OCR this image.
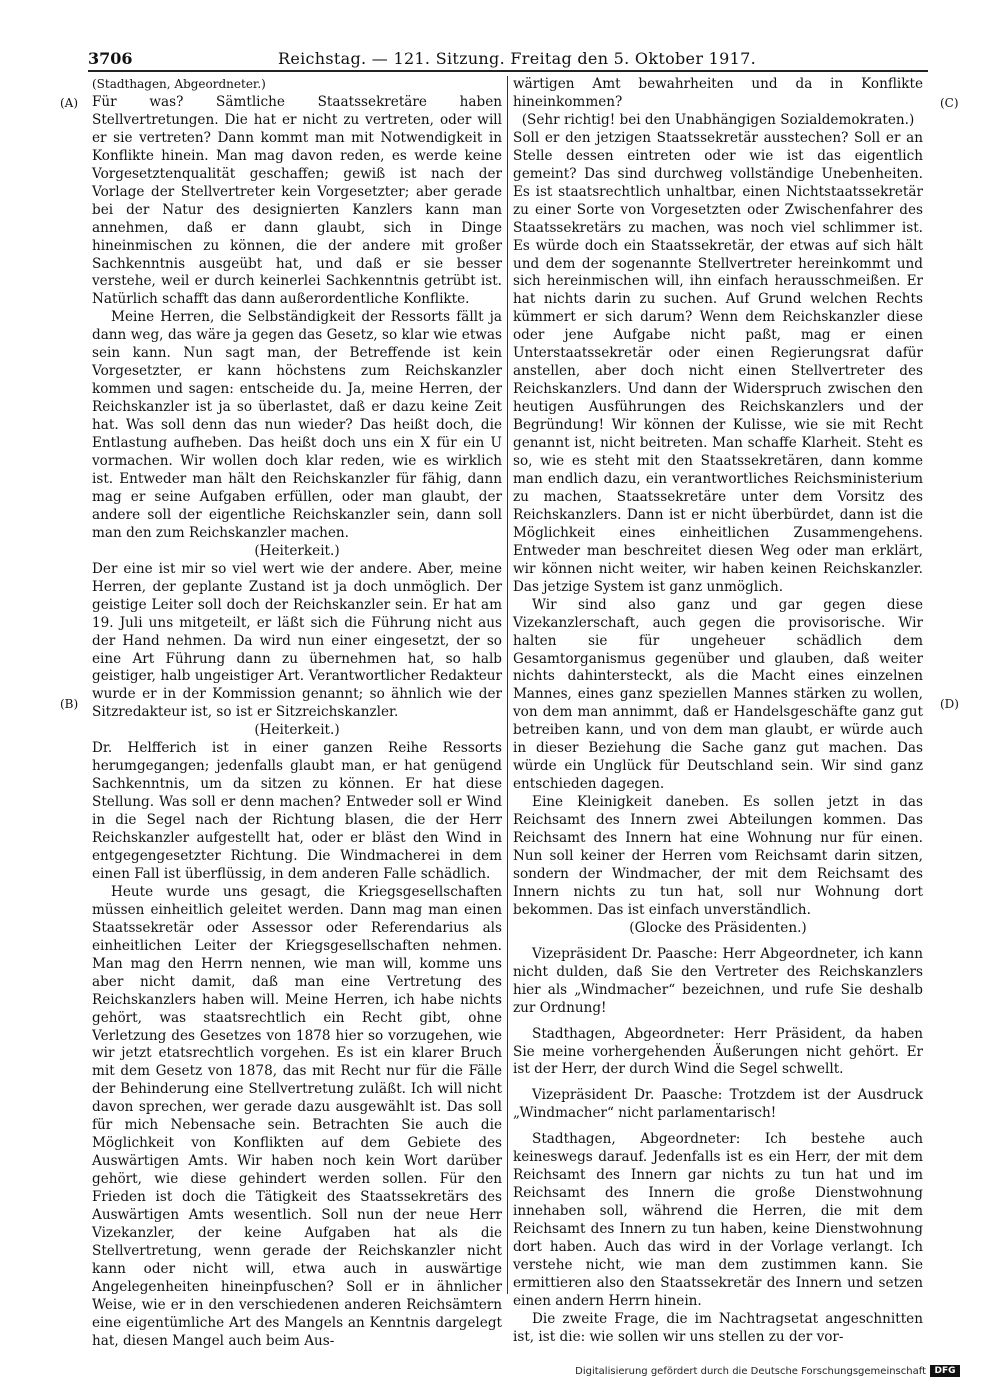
3706	Reichstag. — 121. Sitzung. Freitag den 5. Oktober 1917.
(A)
(B)
(C)
(D)

(Stadthagen, Abgeordneter.)

Für was? Sämtliche Staatssekretäre haben Stellvertretungen. Die hat er nicht zu vertreten, oder will er sie vertreten? Dann kommt man mit Notwendigkeit in Konflikte hinein. Man mag davon reden, es werde keine Vorgesetztenqualität geschaffen; gewiß ist nach der Vorlage der Stellvertreter kein Vorgesetzter; aber gerade bei der Natur des designierten Kanzlers kann man annehmen, daß er dann glaubt, sich in Dinge hineinmischen zu können, die der andere mit großer Sachkenntnis ausgeübt hat, und daß er sie besser verstehe, weil er durch keinerlei Sachkenntnis getrübt ist. Natürlich schafft das dann außerordentliche Konflikte.

Meine Herren, die Selbständigkeit der Ressorts fällt ja dann weg, das wäre ja gegen das Gesetz, so klar wie etwas sein kann. Nun sagt man, der Betreffende ist kein Vorgesetzter, er kann höchstens zum Reichskanzler kommen und sagen: entscheide du. Ja, meine Herren, der Reichskanzler ist ja so überlastet, daß er dazu keine Zeit hat. Was soll denn das nun wieder? Das heißt doch, die Entlastung aufheben. Das heißt doch uns ein X für ein U vormachen. Wir wollen doch klar reden, wie es wirklich ist. Entweder man hält den Reichskanzler für fähig, dann mag er seine Aufgaben erfüllen, oder man glaubt, der andere soll der eigentliche Reichskanzler sein, dann soll man den zum Reichskanzler machen.

(Heiterkeit.)

Der eine ist mir so viel wert wie der andere. Aber, meine Herren, der geplante Zustand ist ja doch unmöglich. Der geistige Leiter soll doch der Reichskanzler sein. Er hat am 19. Juli uns mitgeteilt, er läßt sich die Führung nicht aus der Hand nehmen. Da wird nun einer eingesetzt, der so eine Art Führung dann zu übernehmen hat, so halb geistiger, halb ungeistiger Art. Verantwortlicher Redakteur wurde er in der Kommission genannt; so ähnlich wie der Sitzredakteur ist, so ist er Sitzreichskanzler.

(Heiterkeit.)

Dr. Helfferich ist in einer ganzen Reihe Ressorts herumgegangen; jedenfalls glaubt man, er hat genügend Sachkenntnis, um da sitzen zu können. Er hat diese Stellung. Was soll er denn machen? Entweder soll er Wind in die Segel nach der Richtung blasen, die der Herr Reichskanzler aufgestellt hat, oder er bläst den Wind in entgegengesetzter Richtung. Die Windmacherei in dem einen Fall ist überflüssig, in dem anderen Falle schädlich.

Heute wurde uns gesagt, die Kriegsgesellschaften müssen einheitlich geleitet werden. Dann mag man einen Staatssekretär oder Assessor oder Referendarius als einheitlichen Leiter der Kriegsgesellschaften nehmen. Man mag den Herrn nennen, wie man will, komme uns aber nicht damit, daß man eine Vertretung des Reichskanzlers haben will. Meine Herren, ich habe nichts gehört, was staatsrechtlich ein Recht gibt, ohne Verletzung des Gesetzes von 1878 hier so vorzugehen, wie wir jetzt etatsrechtlich vorgehen. Es ist ein klarer Bruch mit dem Gesetz von 1878, das mit Recht nur für die Fälle der Behinderung eine Stellvertretung zuläßt. Ich will nicht davon sprechen, wer gerade dazu ausgewählt ist. Das soll für mich Nebensache sein. Betrachten Sie auch die Möglichkeit von Konflikten auf dem Gebiete des Auswärtigen Amts. Wir haben noch kein Wort darüber gehört, wie diese gehindert werden sollen. Für den Frieden ist doch die Tätigkeit des Staatssekretärs des Auswärtigen Amts wesentlich. Soll nun der neue Herr Vizekanzler, der keine Aufgaben hat als die Stellvertretung, wenn gerade der Reichskanzler nicht kann oder nicht will, etwa auch in auswärtige Angelegenheiten hineinpfuschen? Soll er in ähnlicher Weise, wie er in den verschiedenen anderen Reichsämtern eine eigentümliche Art des Mangels an Kenntnis dargelegt hat, diesen Mangel auch beim Aus-

wärtigen Amt bewahrheiten und da in Konflikte hineinkommen?

(Sehr richtig! bei den Unabhängigen Sozialdemokraten.)

Soll er den jetzigen Staatssekretär ausstechen? Soll er an Stelle dessen eintreten oder wie ist das eigentlich gemeint? Das sind durchweg vollständige Unebenheiten. Es ist staatsrechtlich unhaltbar, einen Nichtstaatssekretär zu einer Sorte von Vorgesetzten oder Zwischenfahrer des Staatssekretärs zu machen, was noch viel schlimmer ist. Es würde doch ein Staatssekretär, der etwas auf sich hält und dem der sogenannte Stellvertreter hereinkommt und sich hereinmischen will, ihn einfach herausschmeißen. Er hat nichts darin zu suchen. Auf Grund welchen Rechts kümmert er sich darum? Wenn dem Reichskanzler diese oder jene Aufgabe nicht paßt, mag er einen Unterstaatssekretär oder einen Regierungsrat dafür anstellen, aber doch nicht einen Stellvertreter des Reichskanzlers. Und dann der Widerspruch zwischen den heutigen Ausführungen des Reichskanzlers und der Begründung! Wir können der Kulisse, wie sie mit Recht genannt ist, nicht beitreten. Man schaffe Klarheit. Steht es so, wie es steht mit den Staatssekretären, dann komme man endlich dazu, ein verantwortliches Reichsministerium zu machen, Staatssekretäre unter dem Vorsitz des Reichskanzlers. Dann ist er nicht überbürdet, dann ist die Möglichkeit eines einheitlichen Zusammengehens. Entweder man beschreitet diesen Weg oder man erklärt, wir können nicht weiter, wir haben keinen Reichskanzler. Das jetzige System ist ganz unmöglich.

Wir sind also ganz und gar gegen diese Vizekanzlerschaft, auch gegen die provisorische. Wir halten sie für ungeheuer schädlich dem Gesamtorganismus gegenüber und glauben, daß weiter nichts dahintersteckt, als die Macht eines einzelnen Mannes, eines ganz speziellen Mannes stärken zu wollen, von dem man annimmt, daß er Handelsgeschäfte ganz gut betreiben kann, und von dem man glaubt, er würde auch in dieser Beziehung die Sache ganz gut machen. Das würde ein Unglück für Deutschland sein. Wir sind ganz entschieden dagegen.

Eine Kleinigkeit daneben. Es sollen jetzt in das Reichsamt des Innern zwei Abteilungen kommen. Das Reichsamt des Innern hat eine Wohnung nur für einen. Nun soll keiner der Herren vom Reichsamt darin sitzen, sondern der Windmacher, der mit dem Reichsamt des Innern nichts zu tun hat, soll nur Wohnung dort bekommen. Das ist einfach unverständlich.

(Glocke des Präsidenten.)

Vizepräsident Dr. Paasche: Herr Abgeordneter, ich kann nicht dulden, daß Sie den Vertreter des Reichskanzlers hier als „Windmacher“ bezeichnen, und rufe Sie deshalb zur Ordnung!

Stadthagen, Abgeordneter: Herr Präsident, da haben Sie meine vorhergehenden Äußerungen nicht gehört. Er ist der Herr, der durch Wind die Segel schwellt.

Vizepräsident Dr. Paasche: Trotzdem ist der Ausdruck „Windmacher“ nicht parlamentarisch!

Stadthagen, Abgeordneter: Ich bestehe auch keineswegs darauf. Jedenfalls ist es ein Herr, der mit dem Reichsamt des Innern gar nichts zu tun hat und im Reichsamt des Innern die große Dienstwohnung innehaben soll, während die Herren, die mit dem Reichsamt des Innern zu tun haben, keine Dienstwohnung dort haben. Auch das wird in der Vorlage verlangt. Ich verstehe nicht, wie man dem zustimmen kann. Sie ermittieren also den Staatssekretär des Innern und setzen einen andern Herrn hinein.

Die zweite Frage, die im Nachtragsetat angeschnitten ist, ist die: wie sollen wir uns stellen zu der vor-

Digitalisierung gefördert durch die Deutsche Forschungsgemeinschaft DFG
